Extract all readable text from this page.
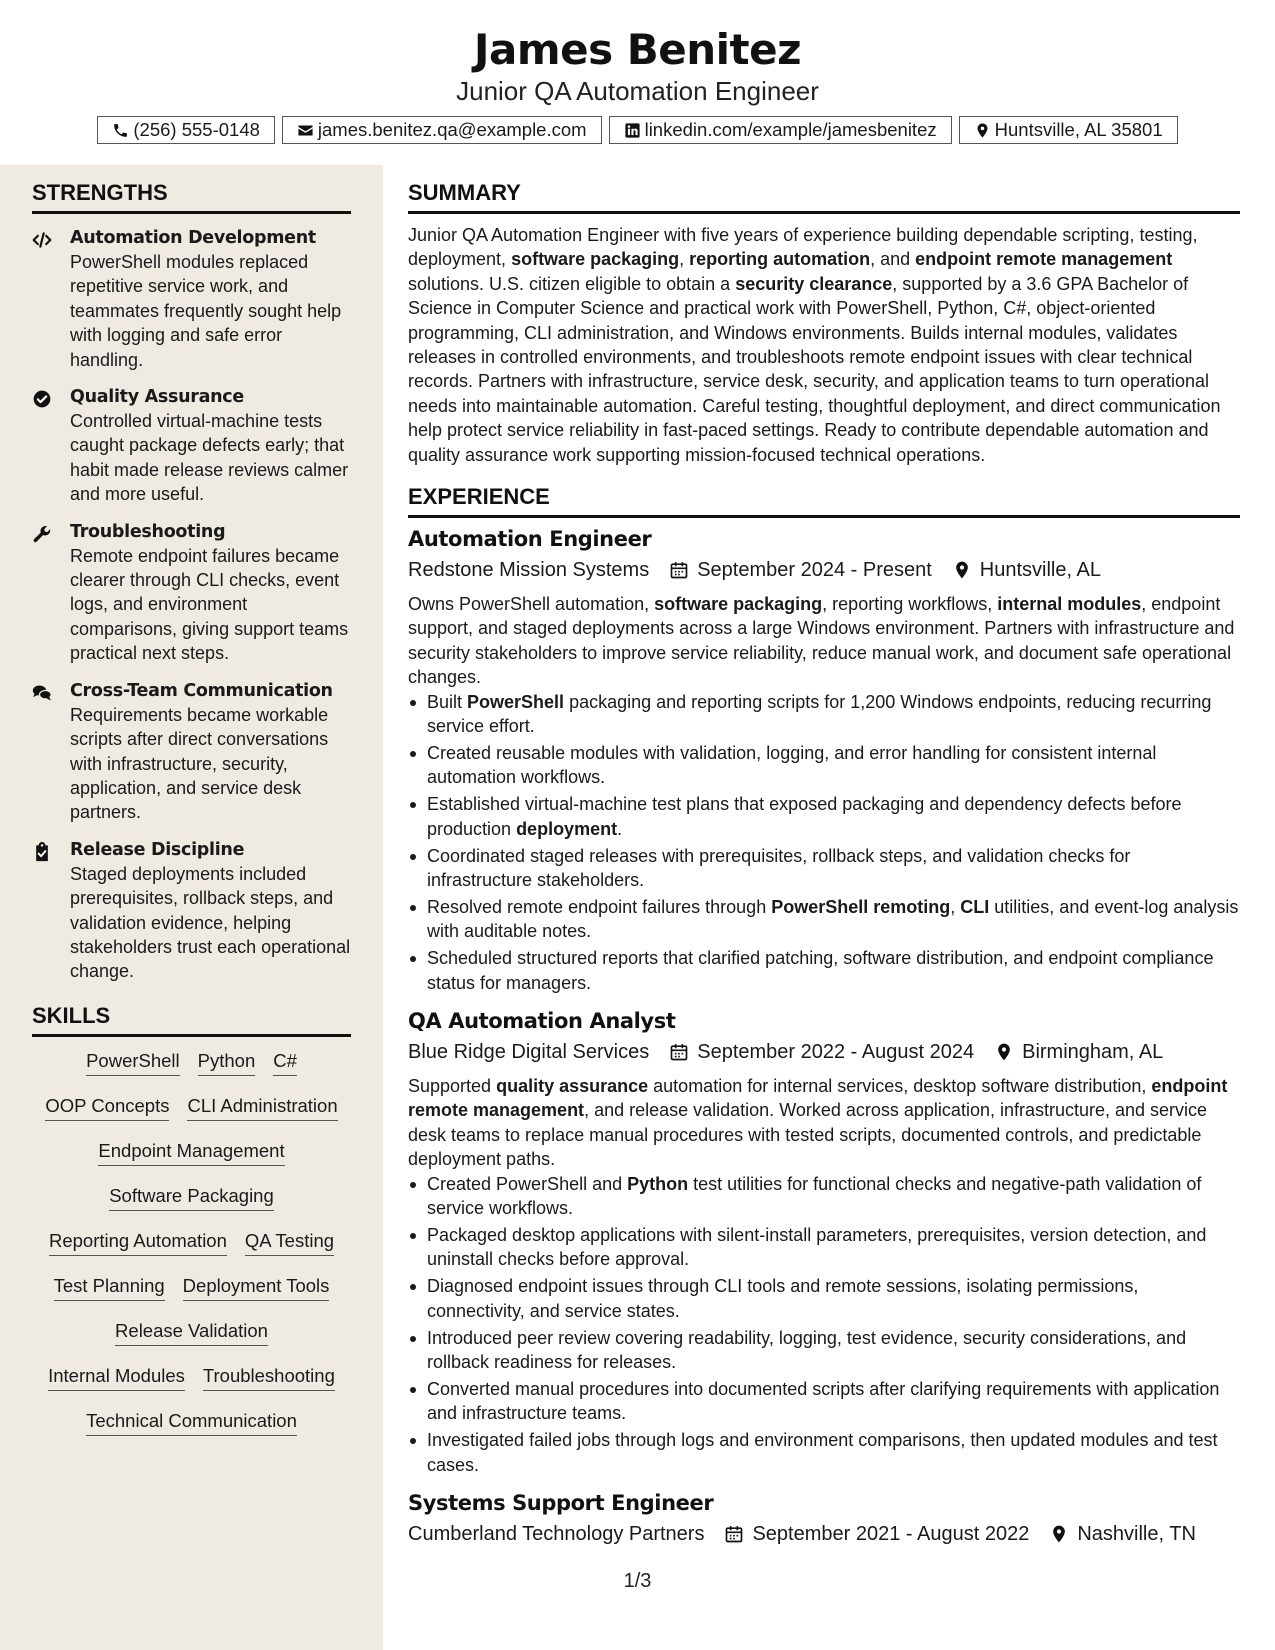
James Benitez
Junior QA Automation Engineer
(256) 555-0148	james.benitez.qa@example.com	linkedin.com/example/jamesbenitez	Huntsville, AL 35801
STRENGTHS
Automation Development
PowerShell modules replaced repetitive service work, and teammates frequently sought help with logging and safe error handling.
Quality Assurance
Controlled virtual-machine tests caught package defects early; that habit made release reviews calmer and more useful.
Troubleshooting
Remote endpoint failures became clearer through CLI checks, event logs, and environment comparisons, giving support teams practical next steps.
Cross-Team Communication
Requirements became workable scripts after direct conversations with infrastructure, security, application, and service desk partners.
Release Discipline
Staged deployments included prerequisites, rollback steps, and validation evidence, helping stakeholders trust each operational change.
SKILLS
PowerShell Python C#
OOP Concepts CLI Administration
Endpoint Management
Software Packaging
Reporting Automation QA Testing
Test Planning Deployment Tools
Release Validation
Internal Modules Troubleshooting
Technical Communication
SUMMARY
Junior QA Automation Engineer with five years of experience building dependable scripting, testing, deployment, software packaging, reporting automation, and endpoint remote management solutions. U.S. citizen eligible to obtain a security clearance, supported by a 3.6 GPA Bachelor of Science in Computer Science and practical work with PowerShell, Python, C#, object-oriented programming, CLI administration, and Windows environments. Builds internal modules, validates releases in controlled environments, and troubleshoots remote endpoint issues with clear technical records. Partners with infrastructure, service desk, security, and application teams to turn operational needs into maintainable automation. Careful testing, thoughtful deployment, and direct communication help protect service reliability in fast-paced settings. Ready to contribute dependable automation and quality assurance work supporting mission-focused technical operations.
EXPERIENCE
Automation Engineer
Redstone Mission Systems September 2024 - Present Huntsville, AL
Owns PowerShell automation, software packaging, reporting workflows, internal modules, endpoint support, and staged deployments across a large Windows environment. Partners with infrastructure and security stakeholders to improve service reliability, reduce manual work, and document safe operational changes.
Built PowerShell packaging and reporting scripts for 1,200 Windows endpoints, reducing recurring service effort.
Created reusable modules with validation, logging, and error handling for consistent internal automation workflows.
Established virtual-machine test plans that exposed packaging and dependency defects before production deployment.
Coordinated staged releases with prerequisites, rollback steps, and validation checks for infrastructure stakeholders.
Resolved remote endpoint failures through PowerShell remoting, CLI utilities, and event-log analysis with auditable notes.
Scheduled structured reports that clarified patching, software distribution, and endpoint compliance status for managers.
QA Automation Analyst
Blue Ridge Digital Services September 2022 - August 2024 Birmingham, AL
Supported quality assurance automation for internal services, desktop software distribution, endpoint remote management, and release validation. Worked across application, infrastructure, and service desk teams to replace manual procedures with tested scripts, documented controls, and predictable deployment paths.
Created PowerShell and Python test utilities for functional checks and negative-path validation of service workflows.
Packaged desktop applications with silent-install parameters, prerequisites, version detection, and uninstall checks before approval.
Diagnosed endpoint issues through CLI tools and remote sessions, isolating permissions, connectivity, and service states.
Introduced peer review covering readability, logging, test evidence, security considerations, and rollback readiness for releases.
Converted manual procedures into documented scripts after clarifying requirements with application and infrastructure teams.
Investigated failed jobs through logs and environment comparisons, then updated modules and test cases.
Systems Support Engineer
Cumberland Technology Partners September 2021 - August 2022 Nashville, TN
1/3
